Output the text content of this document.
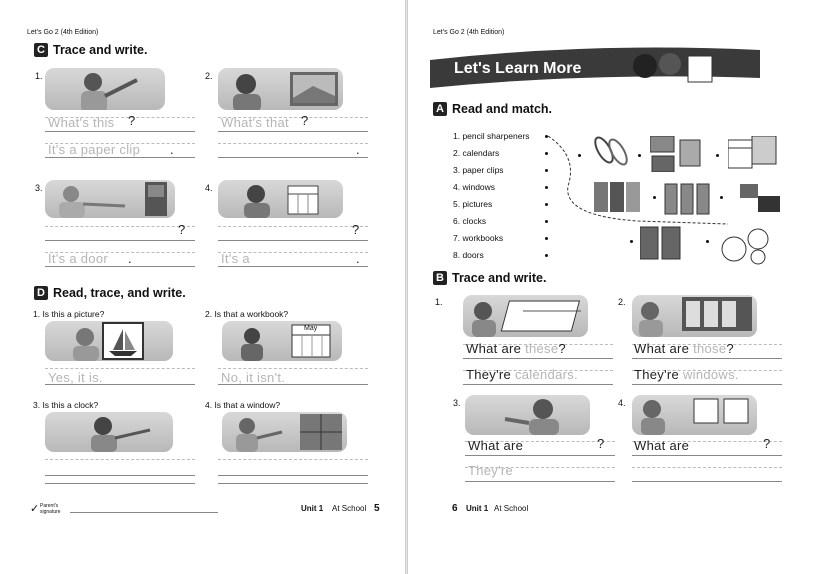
Let's Go 2 (4th Edition)
C Trace and write.
1.
What's this ?
It's a paper clip .
2.
What's that ?
.
3.
?
It's a door .
4.
?
It's a	.
D Read, trace, and write.
1. Is this a picture?
Yes, it is.
2. Is that a workbook?
May
No, it isn't.
3. Is this a clock?	4. Is that a window?
✓ Parent's signature	Unit 1 At School 5
Let's Go 2 (4th Edition)
Let's Learn More
A Read and match.
1. pencil sharpeners
2. calendars
3. paper clips
4. windows
5. pictures
6. clocks
7. workbooks
8. doors
B Trace and write.
1.
What are these?
They're calendars.
2.
What are those?
They're windows.
3.
What are	?
They're
4.
What are	?
6 Unit 1 At School
